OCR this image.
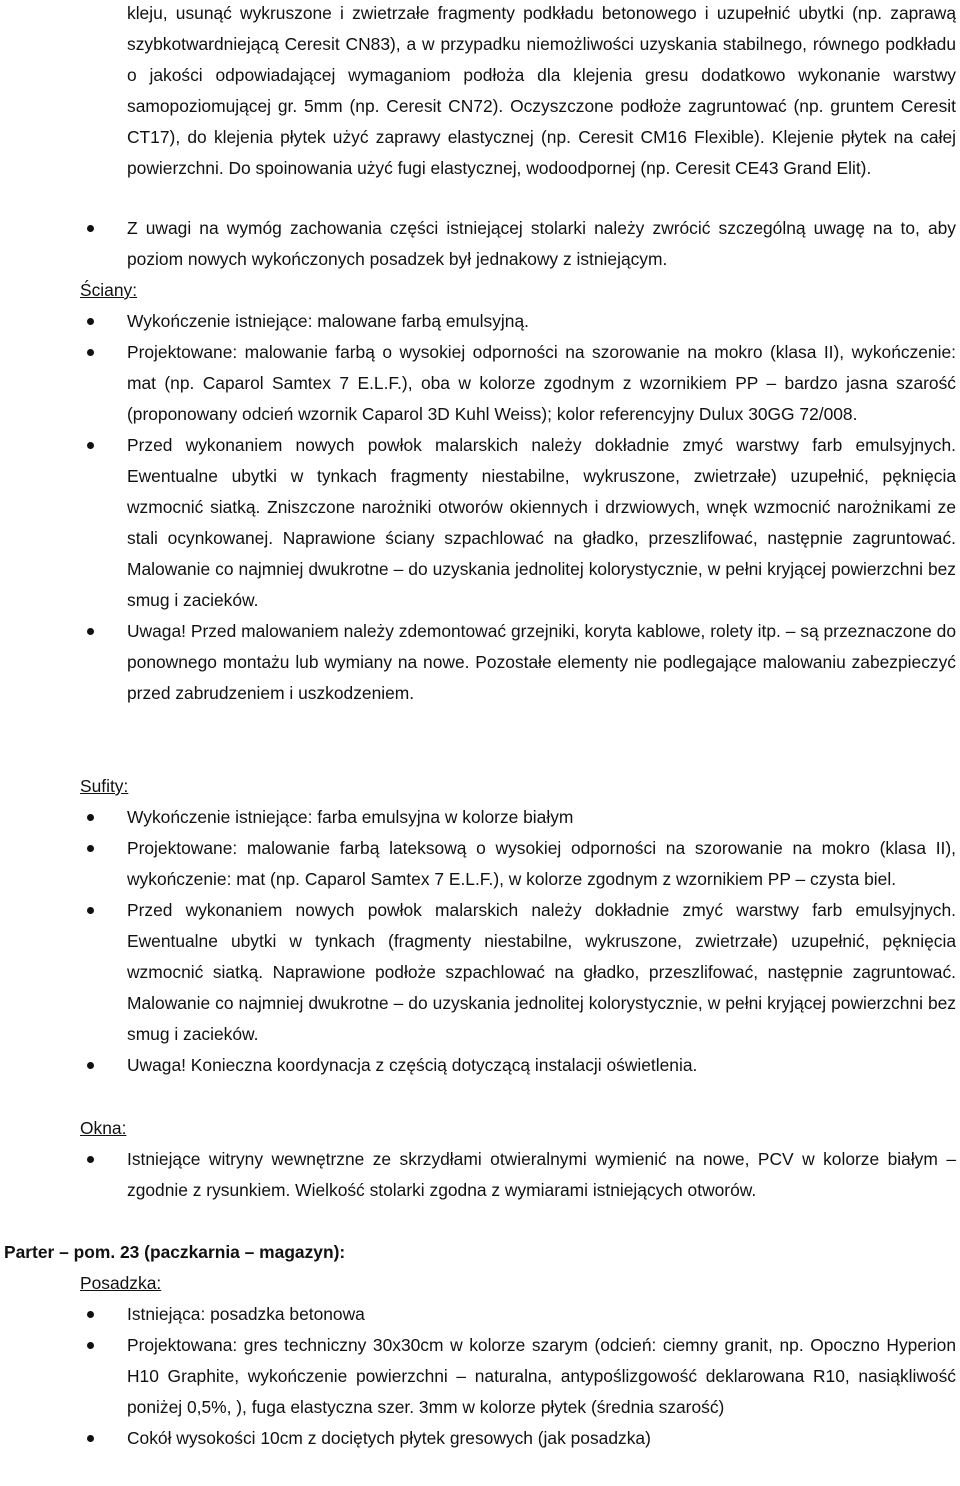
kleju, usunąć wykruszone i zwietrzałe fragmenty podkładu betonowego i uzupełnić ubytki (np. zaprawą szybkotwardniejącą Ceresit CN83), a w przypadku niemożliwości uzyskania stabilnego, równego podkładu o jakości odpowiadającej wymaganiom podłoża dla klejenia gresu dodatkowo wykonanie warstwy samopoziomującej gr. 5mm (np. Ceresit CN72). Oczyszczone podłoże zagruntować (np. gruntem Ceresit CT17), do klejenia płytek użyć zaprawy elastycznej (np. Ceresit CM16 Flexible). Klejenie płytek na całej powierzchni. Do spoinowania użyć fugi elastycznej, wodoodpornej (np. Ceresit CE43 Grand Elit).
Z uwagi na wymóg zachowania części istniejącej stolarki należy zwrócić szczególną uwagę na to, aby poziom nowych wykończonych posadzek był jednakowy z istniejącym.
Ściany:
Wykończenie istniejące: malowane farbą emulsyjną.
Projektowane: malowanie farbą o wysokiej odporności na szorowanie na mokro (klasa II), wykończenie: mat (np. Caparol Samtex 7 E.L.F.), oba w kolorze zgodnym z wzornikiem PP – bardzo jasna szarość (proponowany odcień wzornik Caparol 3D Kuhl Weiss); kolor referencyjny Dulux 30GG 72/008.
Przed wykonaniem nowych powłok malarskich należy dokładnie zmyć warstwy farb emulsyjnych. Ewentualne ubytki w tynkach fragmenty niestabilne, wykruszone, zwietrzałe) uzupełnić, pęknięcia wzmocnić siatką. Zniszczone narożniki otworów okiennych i drzwiowych, wnęk wzmocnić narożnikami ze stali ocynkowanej. Naprawione ściany szpachlować na gładko, przeszlifować, następnie zagruntować. Malowanie co najmniej dwukrotne – do uzyskania jednolitej kolorystycznie, w pełni kryjącej powierzchni bez smug i zacieków.
Uwaga! Przed malowaniem należy zdemontować grzejniki, koryta kablowe, rolety itp. – są przeznaczone do ponownego montażu lub wymiany na nowe. Pozostałe elementy nie podlegające malowaniu zabezpieczyć przed zabrudzeniem i uszkodzeniem.
Sufity:
Wykończenie istniejące: farba emulsyjna w kolorze białym
Projektowane: malowanie farbą lateksową o wysokiej odporności na szorowanie na mokro (klasa II), wykończenie: mat (np. Caparol Samtex 7 E.L.F.), w kolorze zgodnym z wzornikiem PP – czysta biel.
Przed wykonaniem nowych powłok malarskich należy dokładnie zmyć warstwy farb emulsyjnych. Ewentualne ubytki w tynkach (fragmenty niestabilne, wykruszone, zwietrzałe) uzupełnić, pęknięcia wzmocnić siatką. Naprawione podłoże szpachlować na gładko, przeszlifować, następnie zagruntować. Malowanie co najmniej dwukrotne – do uzyskania jednolitej kolorystycznie, w pełni kryjącej powierzchni bez smug i zacieków.
Uwaga! Konieczna koordynacja z częścią dotyczącą instalacji oświetlenia.
Okna:
Istniejące witryny wewnętrzne ze skrzydłami otwieralnymi wymienić na nowe, PCV w kolorze białym – zgodnie z rysunkiem. Wielkość stolarki zgodna z wymiarami istniejących otworów.
Parter – pom. 23 (paczkarnia – magazyn):
Posadzka:
Istniejąca: posadzka betonowa
Projektowana: gres techniczny 30x30cm w kolorze szarym (odcień: ciemny granit, np. Opoczno Hyperion H10 Graphite, wykończenie powierzchni – naturalna, antypoślizgowość deklarowana R10, nasiąkliwość poniżej 0,5%, ), fuga elastyczna szer. 3mm w kolorze płytek (średnia szarość)
Cokół wysokości 10cm z dociętych płytek gresowych (jak posadzka)
